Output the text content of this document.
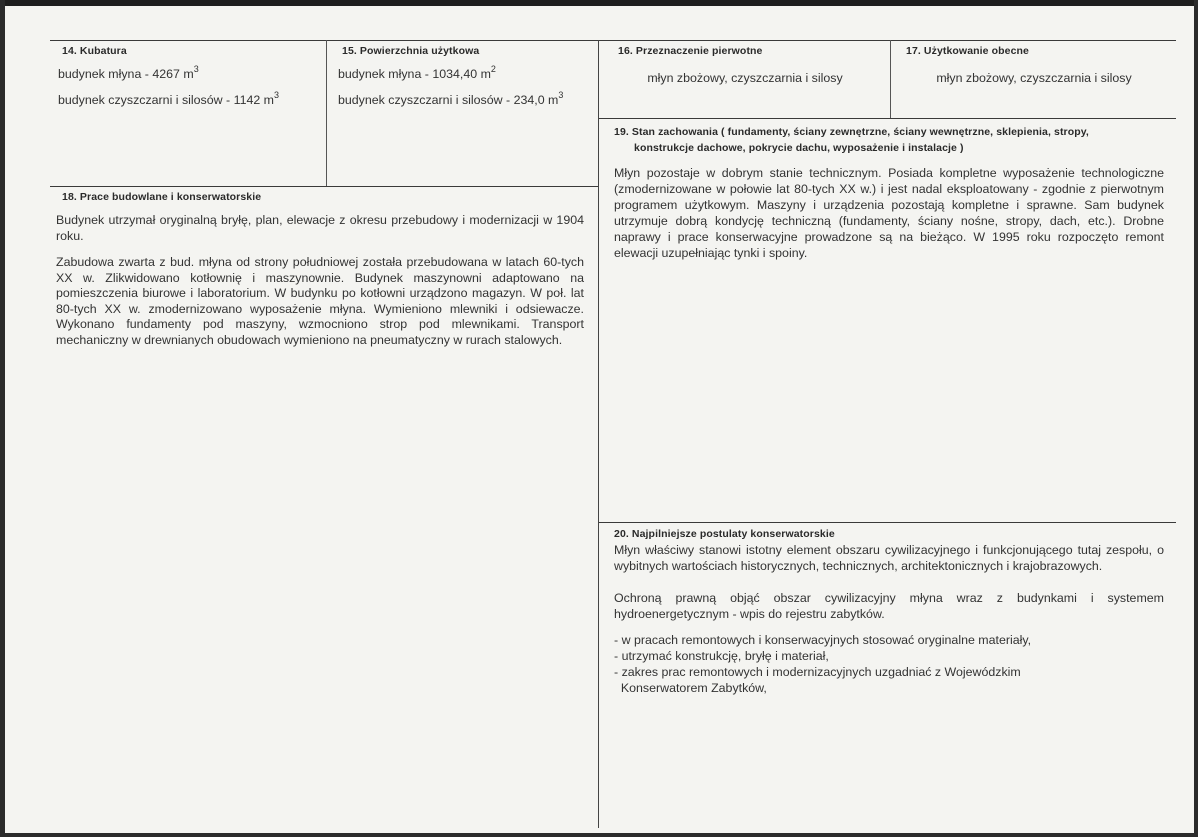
14. Kubatura
budynek młyna - 4267 $m^3$
budynek czyszczarni i silosów - 1142 $m^3$
15. Powierzchnia użytkowa
budynek młyna - 1034,40 $m^2$
budynek czyszczarni i silosów - 234,0 $m^3$
16. Przeznaczenie pierwotne
młyn zbożowy, czyszczarnia i silosy
17. Użytkowanie obecne
młyn zbożowy, czyszczarnia i silosy
18. Prace budowlane i konserwatorskie
Budynek utrzymał oryginalną bryłę, plan, elewacje z okresu przebudowy i modernizacji w 1904 roku.
Zabudowa zwarta z bud. młyna od strony południowej została przebudowana w latach 60-tych XX w. Zlikwidowano kotłownię i maszynownie. Budynek maszynowni adaptowano na pomieszczenia biurowe i laboratorium. W budynku po kotłowni urządzono magazyn. W poł. lat 80-tych XX w. zmodernizowano wyposażenie młyna. Wymieniono mlewniki i odsiewacze. Wykonano fundamenty pod maszyny, wzmocniono strop pod mlewnikami. Transport mechaniczny w drewnianych obudowach wymieniono na pneumatyczny w rurach stalowych.
19. Stan zachowania ( fundamenty, ściany zewnętrzne, ściany wewnętrzne, sklepienia, stropy,
konstrukcje dachowe, pokrycie dachu, wyposażenie i instalacje )
Młyn pozostaje w dobrym stanie technicznym. Posiada kompletne wyposażenie technologiczne (zmodernizowane w połowie lat 80-tych XX w.) i jest nadal eksploatowany - zgodnie z pierwotnym programem użytkowym. Maszyny i urządzenia pozostają kompletne i sprawne. Sam budynek utrzymuje dobrą kondycję techniczną (fundamenty, ściany nośne, stropy, dach, etc.). Drobne naprawy i prace konserwacyjne prowadzone są na bieżąco. W 1995 roku rozpoczęto remont elewacji uzupełniając tynki i spoiny.
20. Najpilniejsze postulaty konserwatorskie
Młyn właściwy stanowi istotny element obszaru cywilizacyjnego i funkcjonującego tutaj zespołu, o wybitnych wartościach historycznych, technicznych, architektonicznych i krajobrazowych.
Ochroną prawną objąć obszar cywilizacyjny młyna wraz z budynkami i systemem hydroenergetycznym - wpis do rejestru zabytków.
- w pracach remontowych i konserwacyjnych stosować oryginalne materiały,
- utrzymać konstrukcję, bryłę i materiał,
- zakres prac remontowych i modernizacyjnych uzgadniać z Wojewódzkim
Konserwatorem Zabytków,
